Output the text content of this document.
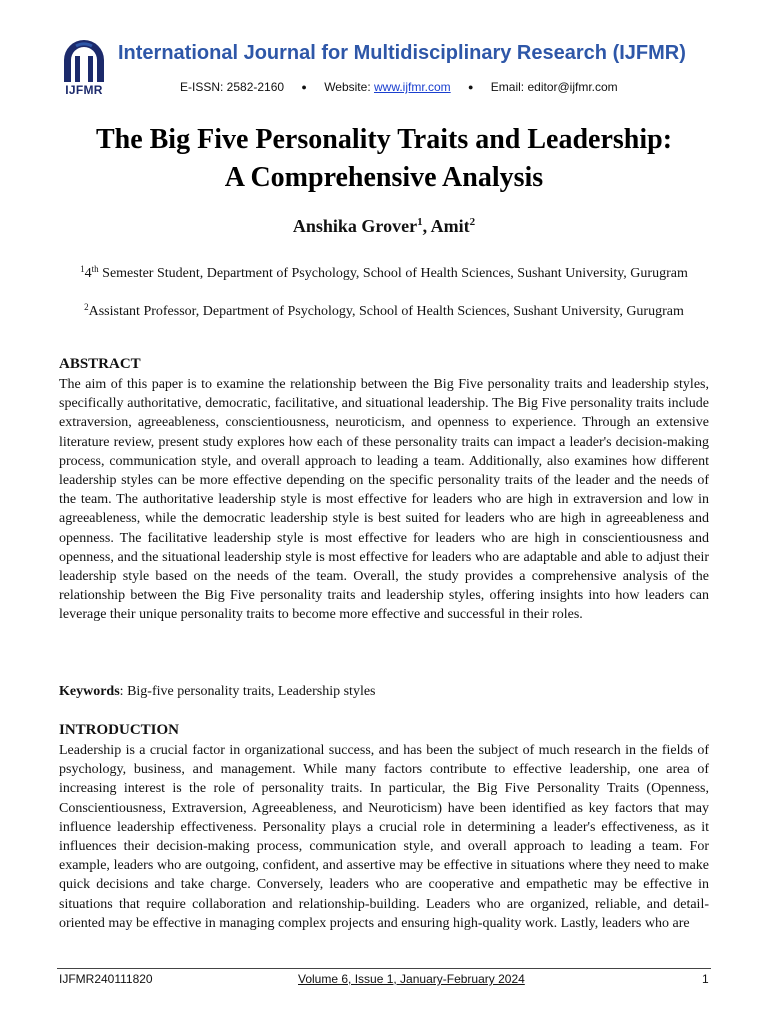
IJFMR
International Journal for Multidisciplinary Research (IJFMR)
E-ISSN: 2582-2160 ● Website: www.ijfmr.com ● Email: editor@ijfmr.com
The Big Five Personality Traits and Leadership:
A Comprehensive Analysis
Anshika Grover$^1$, Amit$^2$
$^1$4th Semester Student, Department of Psychology, School of Health Sciences, Sushant University, Gurugram
$^2$Assistant Professor, Department of Psychology, School of Health Sciences, Sushant University, Gurugram
ABSTRACT
The aim of this paper is to examine the relationship between the Big Five personality traits and leadership styles, specifically authoritative, democratic, facilitative, and situational leadership. The Big Five personality traits include extraversion, agreeableness, conscientiousness, neuroticism, and openness to experience. Through an extensive literature review, present study explores how each of these personality traits can impact a leader's decision-making process, communication style, and overall approach to leading a team. Additionally, also examines how different leadership styles can be more effective depending on the specific personality traits of the leader and the needs of the team. The authoritative leadership style is most effective for leaders who are high in extraversion and low in agreeableness, while the democratic leadership style is best suited for leaders who are high in agreeableness and openness. The facilitative leadership style is most effective for leaders who are high in conscientiousness and openness, and the situational leadership style is most effective for leaders who are adaptable and able to adjust their leadership style based on the needs of the team. Overall, the study provides a comprehensive analysis of the relationship between the Big Five personality traits and leadership styles, offering insights into how leaders can leverage their unique personality traits to become more effective and successful in their roles.
Keywords: Big-five personality traits, Leadership styles
INTRODUCTION
Leadership is a crucial factor in organizational success, and has been the subject of much research in the fields of psychology, business, and management. While many factors contribute to effective leadership, one area of increasing interest is the role of personality traits. In particular, the Big Five Personality Traits (Openness, Conscientiousness, Extraversion, Agreeableness, and Neuroticism) have been identified as key factors that may influence leadership effectiveness. Personality plays a crucial role in determining a leader's effectiveness, as it influences their decision-making process, communication style, and overall approach to leading a team. For example, leaders who are outgoing, confident, and assertive may be effective in situations where they need to make quick decisions and take charge. Conversely, leaders who are cooperative and empathetic may be effective in situations that require collaboration and relationship-building. Leaders who are organized, reliable, and detail-oriented may be effective in managing complex projects and ensuring high-quality work. Lastly, leaders who are
IJFMR240111820	Volume 6, Issue 1, January-February 2024	1
